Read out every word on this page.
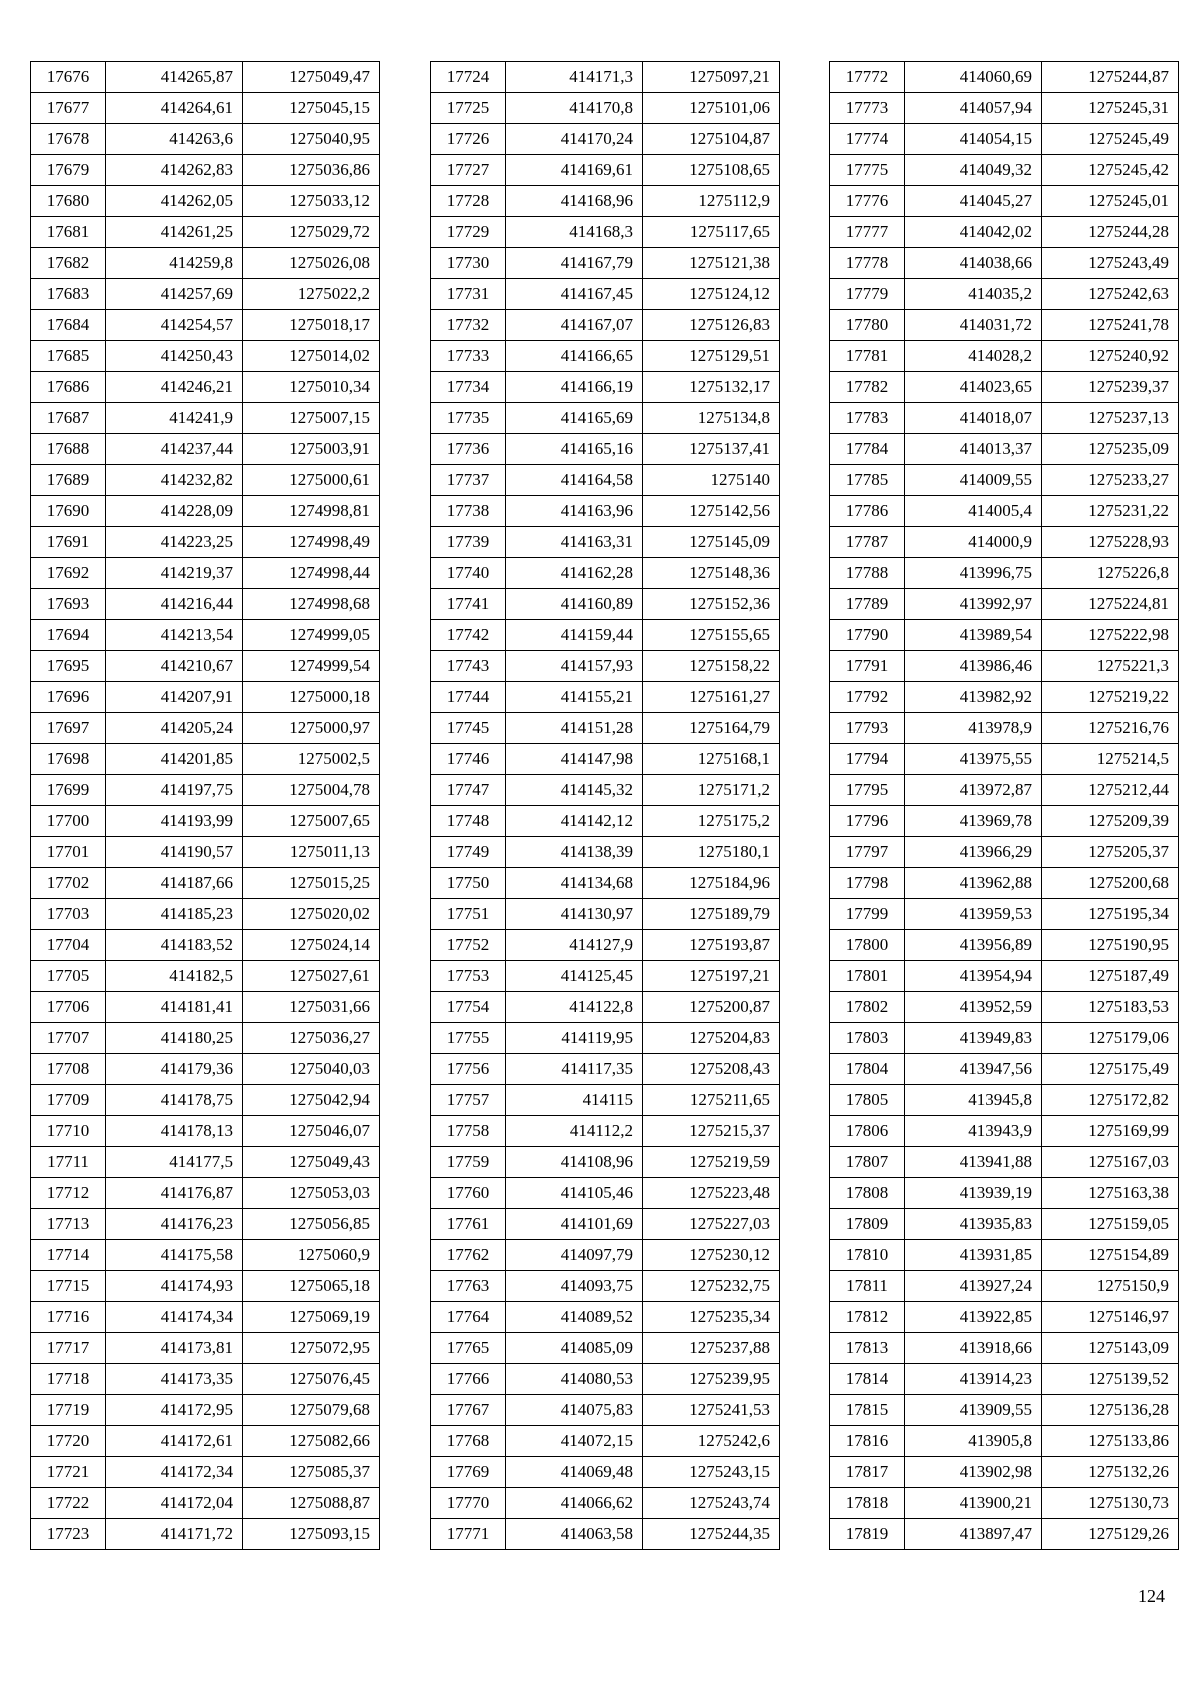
17676	414265,87	1275049,47
17677	414264,61	1275045,15
17678	414263,6	1275040,95
17679	414262,83	1275036,86
17680	414262,05	1275033,12
17681	414261,25	1275029,72
17682	414259,8	1275026,08
17683	414257,69	1275022,2
17684	414254,57	1275018,17
17685	414250,43	1275014,02
17686	414246,21	1275010,34
17687	414241,9	1275007,15
17688	414237,44	1275003,91
17689	414232,82	1275000,61
17690	414228,09	1274998,81
17691	414223,25	1274998,49
17692	414219,37	1274998,44
17693	414216,44	1274998,68
17694	414213,54	1274999,05
17695	414210,67	1274999,54
17696	414207,91	1275000,18
17697	414205,24	1275000,97
17698	414201,85	1275002,5
17699	414197,75	1275004,78
17700	414193,99	1275007,65
17701	414190,57	1275011,13
17702	414187,66	1275015,25
17703	414185,23	1275020,02
17704	414183,52	1275024,14
17705	414182,5	1275027,61
17706	414181,41	1275031,66
17707	414180,25	1275036,27
17708	414179,36	1275040,03
17709	414178,75	1275042,94
17710	414178,13	1275046,07
17711	414177,5	1275049,43
17712	414176,87	1275053,03
17713	414176,23	1275056,85
17714	414175,58	1275060,9
17715	414174,93	1275065,18
17716	414174,34	1275069,19
17717	414173,81	1275072,95
17718	414173,35	1275076,45
17719	414172,95	1275079,68
17720	414172,61	1275082,66
17721	414172,34	1275085,37
17722	414172,04	1275088,87
17723	414171,72	1275093,15
17724	414171,3	1275097,21
17725	414170,8	1275101,06
17726	414170,24	1275104,87
17727	414169,61	1275108,65
17728	414168,96	1275112,9
17729	414168,3	1275117,65
17730	414167,79	1275121,38
17731	414167,45	1275124,12
17732	414167,07	1275126,83
17733	414166,65	1275129,51
17734	414166,19	1275132,17
17735	414165,69	1275134,8
17736	414165,16	1275137,41
17737	414164,58	1275140
17738	414163,96	1275142,56
17739	414163,31	1275145,09
17740	414162,28	1275148,36
17741	414160,89	1275152,36
17742	414159,44	1275155,65
17743	414157,93	1275158,22
17744	414155,21	1275161,27
17745	414151,28	1275164,79
17746	414147,98	1275168,1
17747	414145,32	1275171,2
17748	414142,12	1275175,2
17749	414138,39	1275180,1
17750	414134,68	1275184,96
17751	414130,97	1275189,79
17752	414127,9	1275193,87
17753	414125,45	1275197,21
17754	414122,8	1275200,87
17755	414119,95	1275204,83
17756	414117,35	1275208,43
17757	414115	1275211,65
17758	414112,2	1275215,37
17759	414108,96	1275219,59
17760	414105,46	1275223,48
17761	414101,69	1275227,03
17762	414097,79	1275230,12
17763	414093,75	1275232,75
17764	414089,52	1275235,34
17765	414085,09	1275237,88
17766	414080,53	1275239,95
17767	414075,83	1275241,53
17768	414072,15	1275242,6
17769	414069,48	1275243,15
17770	414066,62	1275243,74
17771	414063,58	1275244,35
17772	414060,69	1275244,87
17773	414057,94	1275245,31
17774	414054,15	1275245,49
17775	414049,32	1275245,42
17776	414045,27	1275245,01
17777	414042,02	1275244,28
17778	414038,66	1275243,49
17779	414035,2	1275242,63
17780	414031,72	1275241,78
17781	414028,2	1275240,92
17782	414023,65	1275239,37
17783	414018,07	1275237,13
17784	414013,37	1275235,09
17785	414009,55	1275233,27
17786	414005,4	1275231,22
17787	414000,9	1275228,93
17788	413996,75	1275226,8
17789	413992,97	1275224,81
17790	413989,54	1275222,98
17791	413986,46	1275221,3
17792	413982,92	1275219,22
17793	413978,9	1275216,76
17794	413975,55	1275214,5
17795	413972,87	1275212,44
17796	413969,78	1275209,39
17797	413966,29	1275205,37
17798	413962,88	1275200,68
17799	413959,53	1275195,34
17800	413956,89	1275190,95
17801	413954,94	1275187,49
17802	413952,59	1275183,53
17803	413949,83	1275179,06
17804	413947,56	1275175,49
17805	413945,8	1275172,82
17806	413943,9	1275169,99
17807	413941,88	1275167,03
17808	413939,19	1275163,38
17809	413935,83	1275159,05
17810	413931,85	1275154,89
17811	413927,24	1275150,9
17812	413922,85	1275146,97
17813	413918,66	1275143,09
17814	413914,23	1275139,52
17815	413909,55	1275136,28
17816	413905,8	1275133,86
17817	413902,98	1275132,26
17818	413900,21	1275130,73
17819	413897,47	1275129,26
124
